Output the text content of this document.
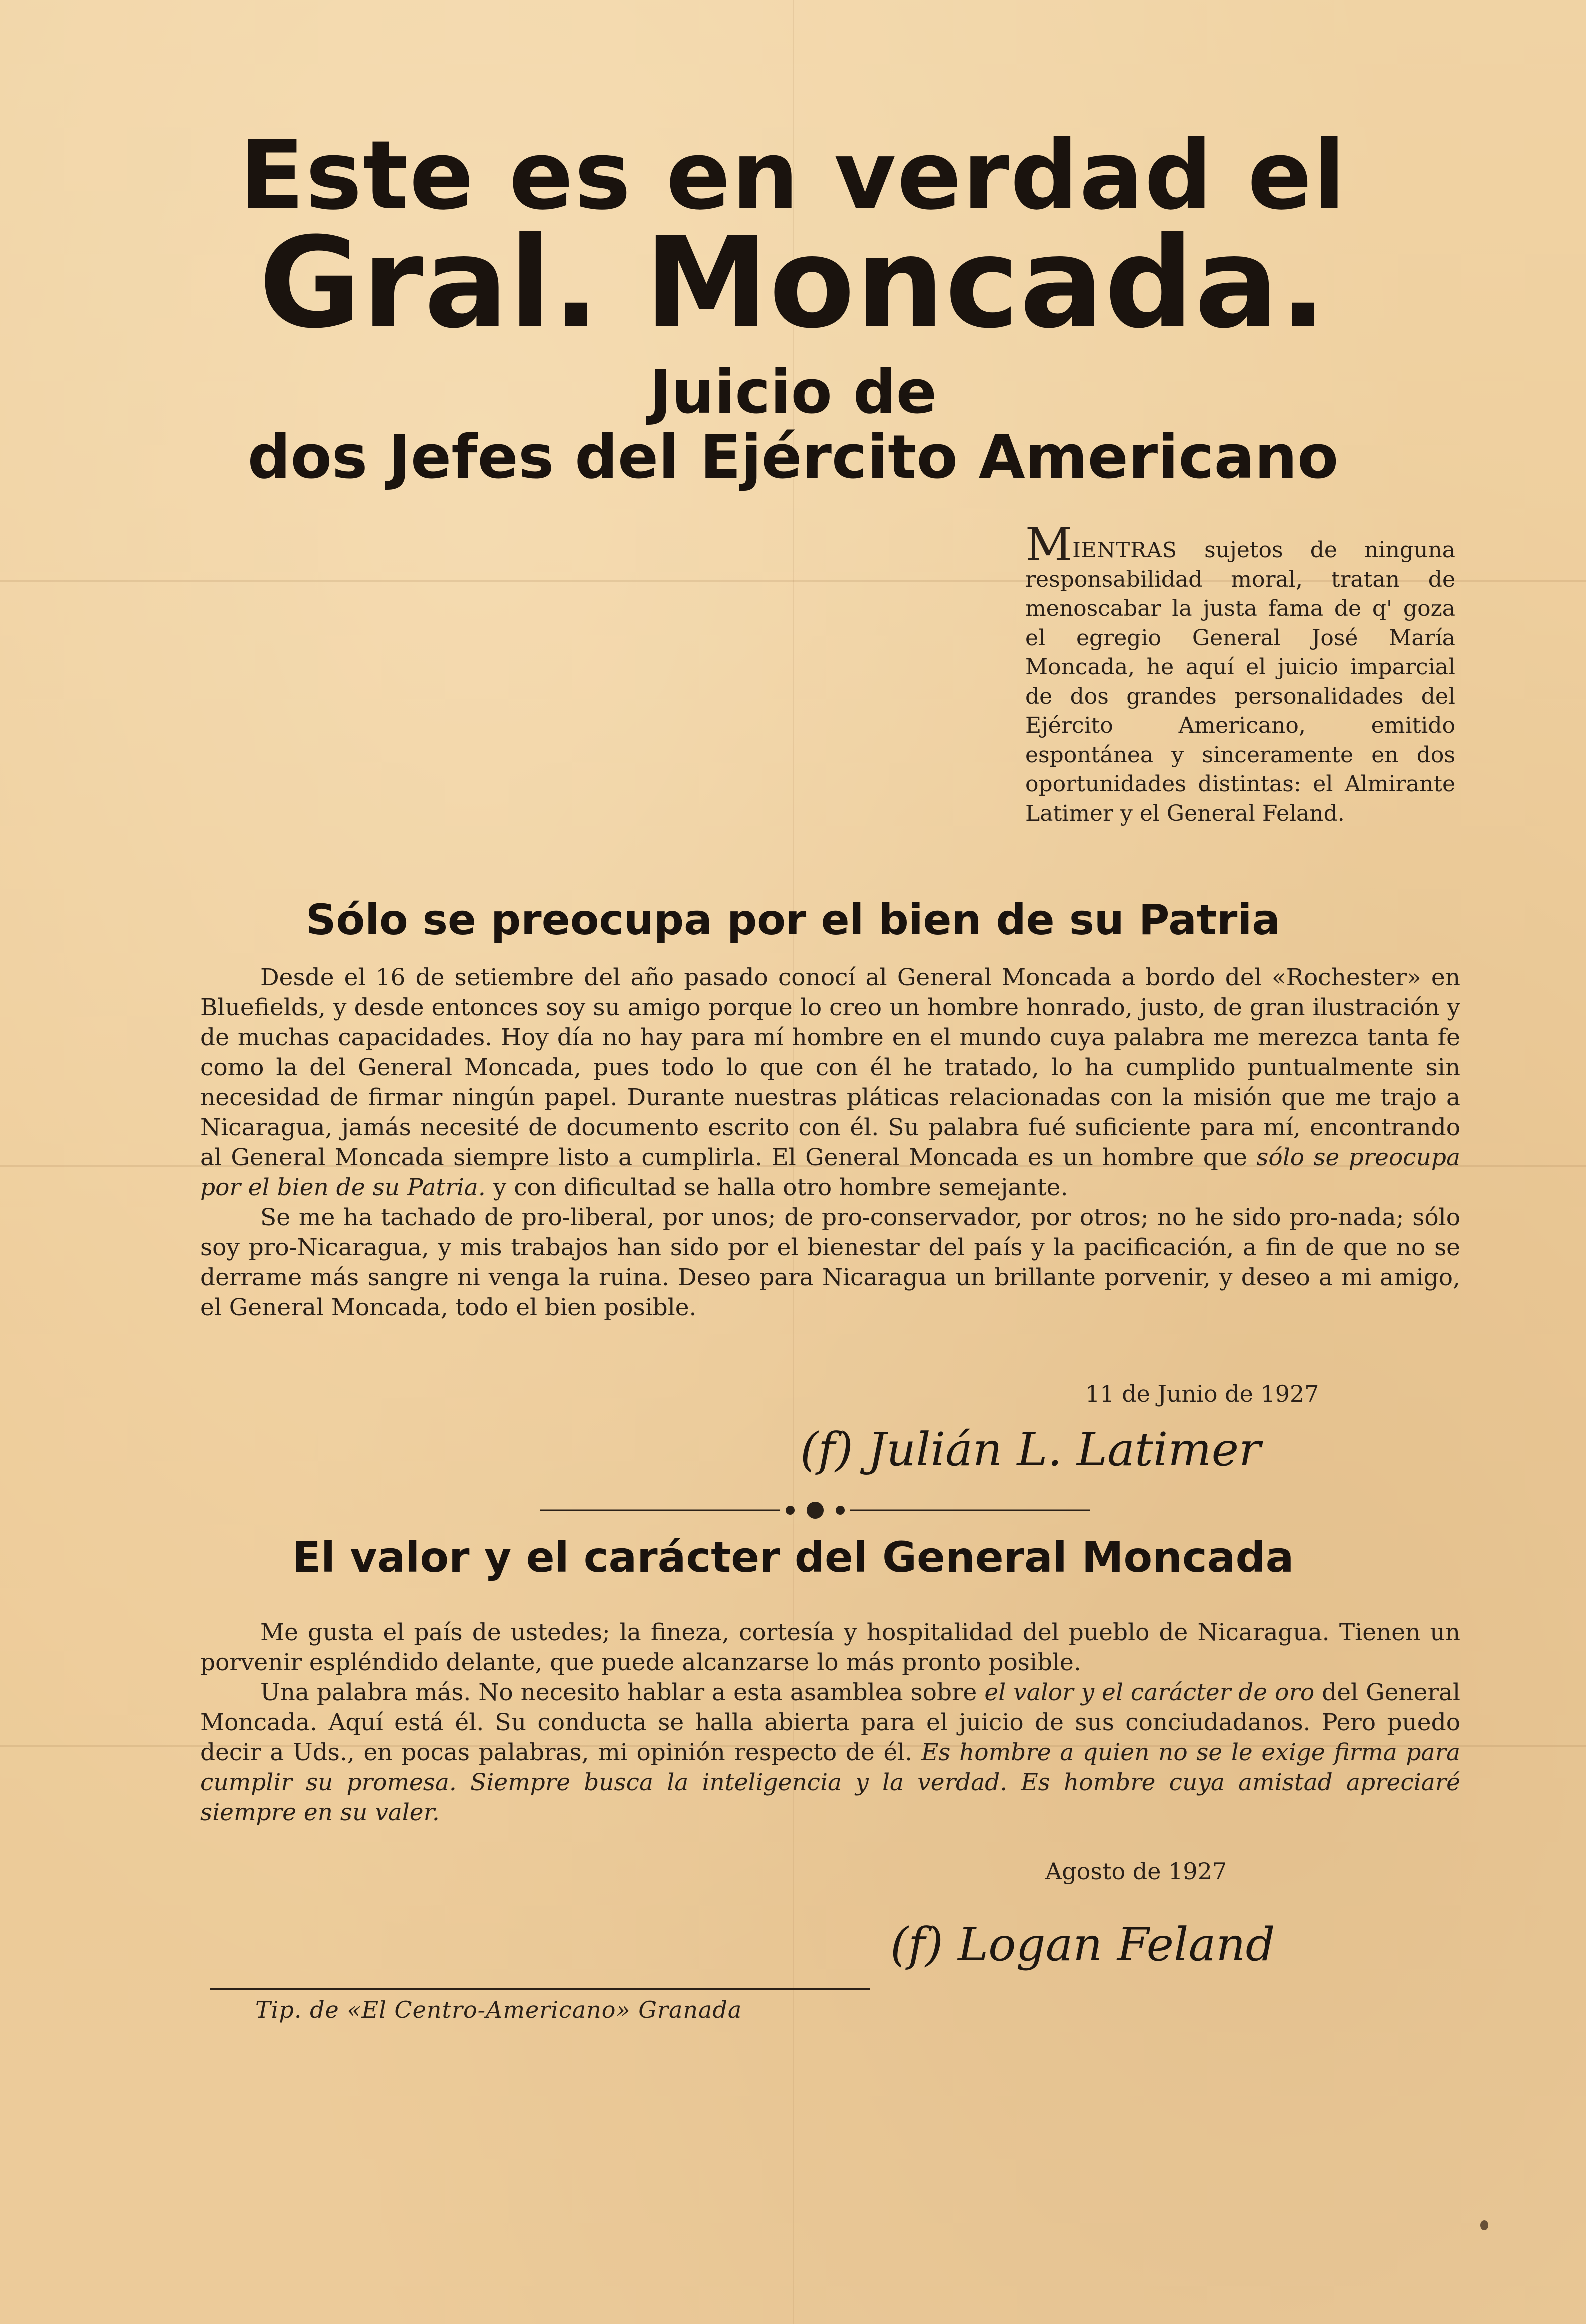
Este es en verdad el
Gral. Moncada.
Juicio de
dos Jefes del Ejército Americano
MIENTRAS sujetos de ninguna responsabilidad moral, tratan de menoscabar la justa fama de q' goza el egregio General José María Moncada, he aquí el juicio imparcial de dos grandes personalidades del Ejército Americano, emitido espontánea y sinceramente en dos oportunidades distintas: el Almirante Latimer y el General Feland.
Sólo se preocupa por el bien de su Patria

Desde el 16 de setiembre del año pasado conocí al General Moncada a bordo del «Rochester» en Bluefields, y desde entonces soy su amigo porque lo creo un hombre honrado, justo, de gran ilustración y de muchas capacidades. Hoy día no hay para mí hombre en el mundo cuya palabra me merezca tanta fe como la del General Moncada, pues todo lo que con él he tratado, lo ha cumplido puntualmente sin necesidad de firmar ningún papel. Durante nuestras pláticas relacionadas con la misión que me trajo a Nicaragua, jamás necesité de documento escrito con él. Su palabra fué suficiente para mí, encontrando al General Moncada siempre listo a cumplirla. El General Moncada es un hombre que sólo se preocupa por el bien de su Patria. y con dificultad se halla otro hombre semejante.

Se me ha tachado de pro-liberal, por unos; de pro-conservador, por otros; no he sido pro-nada; sólo soy pro-Nicaragua, y mis trabajos han sido por el bienestar del país y la pacificación, a fin de que no se derrame más sangre ni venga la ruina. Deseo para Nicaragua un brillante porvenir, y deseo a mi amigo, el General Moncada, todo el bien posible.

11 de Junio de 1927
(f) Julián L. Latimer
El valor y el carácter del General Moncada

Me gusta el país de ustedes; la fineza, cortesía y hospitalidad del pueblo de Nicaragua. Tienen un porvenir espléndido delante, que puede alcanzarse lo más pronto posible.

Una palabra más. No necesito hablar a esta asamblea sobre el valor y el carácter de oro del General Moncada. Aquí está él. Su conducta se halla abierta para el juicio de sus conciudadanos. Pero puedo decir a Uds., en pocas palabras, mi opinión respecto de él. Es hombre a quien no se le exige firma para cumplir su promesa. Siempre busca la inteligencia y la verdad. Es hombre cuya amistad apreciaré siempre en su valer.

Agosto de 1927
(f) Logan Feland
Tip. de «El Centro-Americano» Granada
